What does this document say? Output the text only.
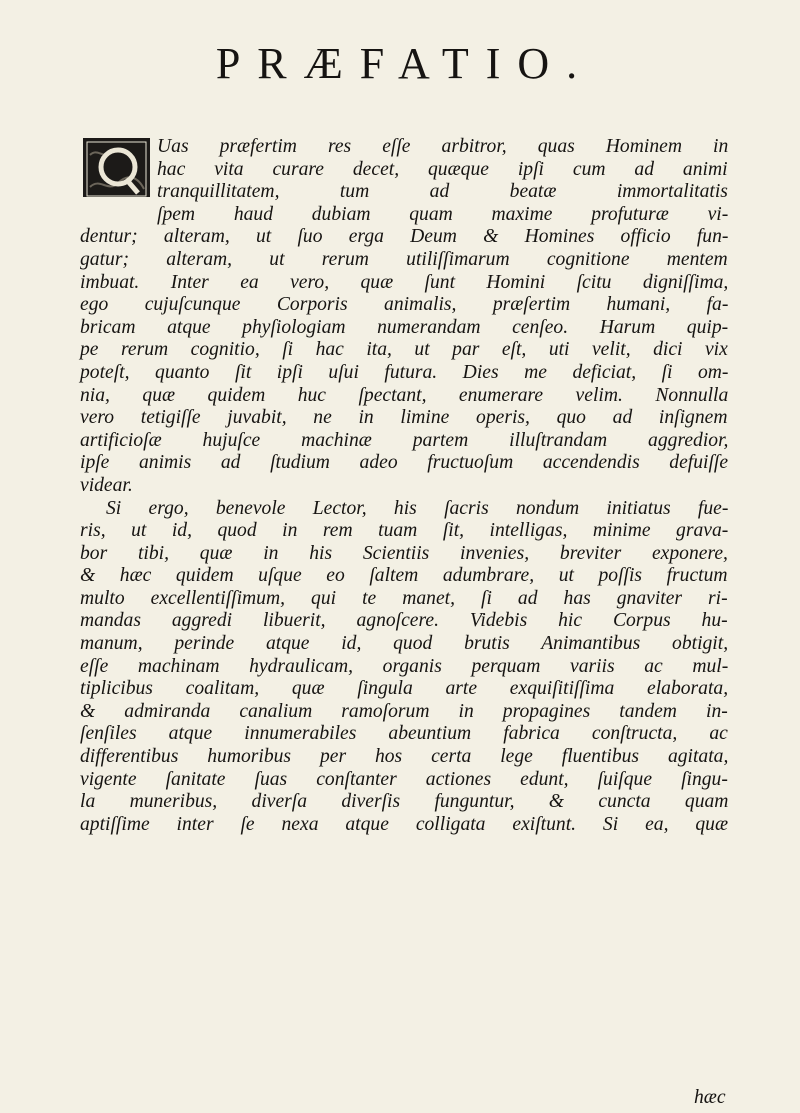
PRÆFATIO.
Uas præfertim res eſſe arbitror, quas Hominem in
hac vita curare decet, quæque ipſi cum ad animi
tranquillitatem, tum ad beatæ immortalitatis
ſpem haud dubiam quam maxime profuturæ vi-
dentur; alteram, ut ſuo erga Deum & Homines officio fun-
gatur; alteram, ut rerum utiliſſimarum cognitione mentem
imbuat. Inter ea vero, quæ ſunt Homini ſcitu digniſſima,
ego cujuſcunque Corporis animalis, præſertim humani, fa-
bricam atque phyſiologiam numerandam cenſeo. Harum quip-
pe rerum cognitio, ſi hac ita, ut par eſt, uti velit, dici vix
poteſt, quanto ſit ipſi uſui futura. Dies me deficiat, ſi om-
nia, quæ quidem huc ſpectant, enumerare velim. Nonnulla
vero tetigiſſe juvabit, ne in limine operis, quo ad inſignem
artificioſæ hujuſce machinæ partem illuſtrandam aggredior,
ipſe animis ad ſtudium adeo fructuoſum accendendis defuiſſe
videar.
Si ergo, benevole Lector, his ſacris nondum initiatus fue-
ris, ut id, quod in rem tuam ſit, intelligas, minime grava-
bor tibi, quæ in his Scientiis invenies, breviter exponere,
& hæc quidem uſque eo ſaltem adumbrare, ut poſſis fructum
multo excellentiſſimum, qui te manet, ſi ad has gnaviter ri-
mandas aggredi libuerit, agnoſcere. Videbis hic Corpus hu-
manum, perinde atque id, quod brutis Animantibus obtigit,
eſſe machinam hydraulicam, organis perquam variis ac mul-
tiplicibus coalitam, quæ ſingula arte exquiſitiſſima elaborata,
& admiranda canalium ramoſorum in propagines tandem in-
ſenſiles atque innumerabiles abeuntium fabrica conſtructa, ac
differentibus humoribus per hos certa lege fluentibus agitata,
vigente ſanitate ſuas conſtanter actiones edunt, ſuiſque ſingu-
la muneribus, diverſa diverſis funguntur, & cuncta quam
aptiſſime inter ſe nexa atque colligata exiſtunt. Si ea, quæ
hæc
